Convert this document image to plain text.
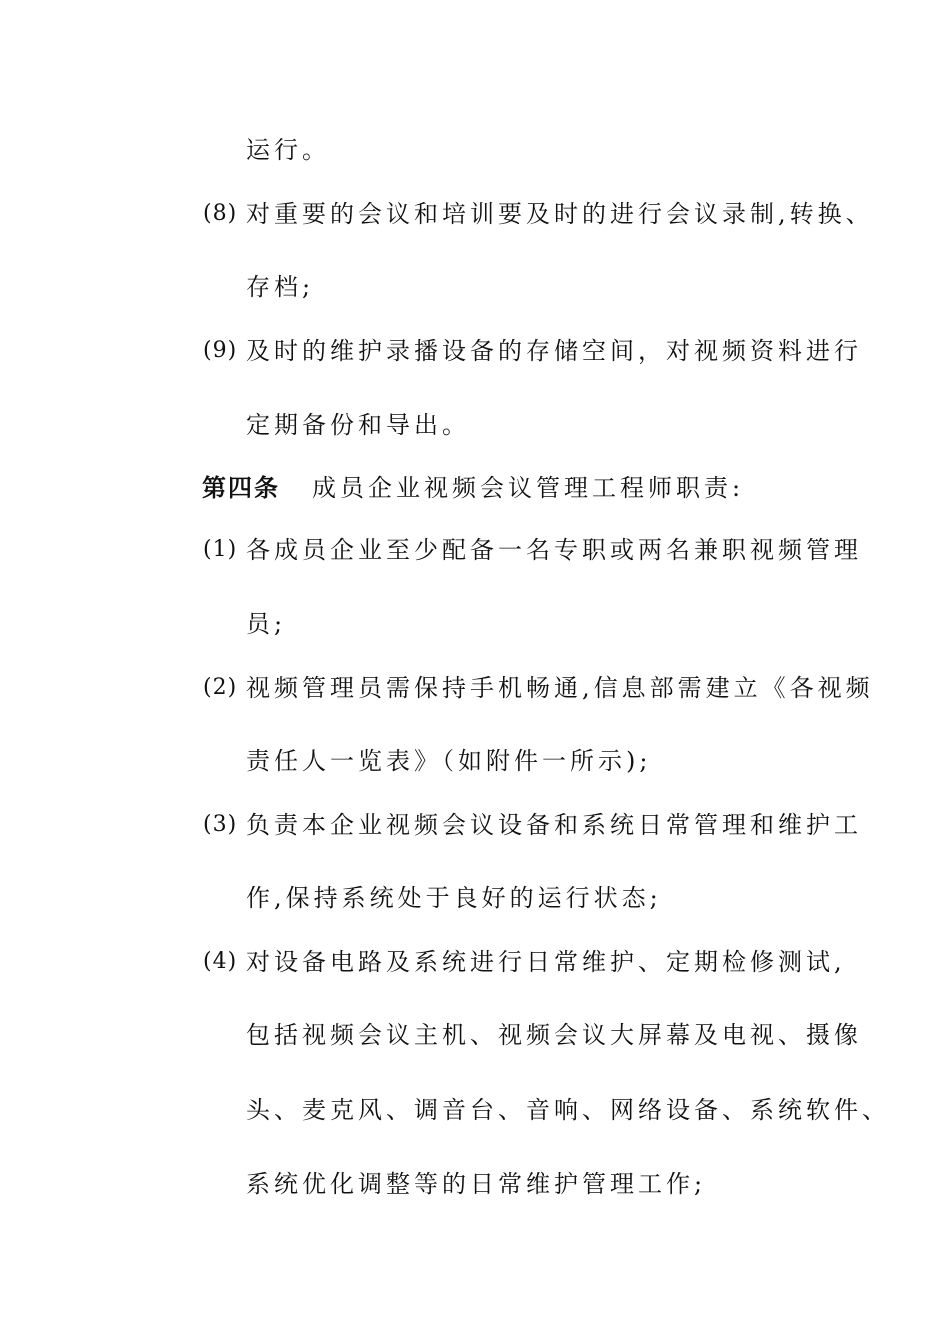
运行。
(8) 对重要的会议和培训要及时的进行会议录制,转换、
存档;
(9) 及时的维护录播设备的存储空间，对视频资料进行
定期备份和导出。
第四条 成员企业视频会议管理工程师职责:
(1) 各成员企业至少配备一名专职或两名兼职视频管理
员;
(2) 视频管理员需保持手机畅通,信息部需建立《各视频
责任人一览表》（如附件一所示);
(3) 负责本企业视频会议设备和系统日常管理和维护工
作,保持系统处于良好的运行状态;
(4) 对设备电路及系统进行日常维护、定期检修测试,
包括视频会议主机、视频会议大屏幕及电视、摄像
头、麦克风、调音台、音响、网络设备、系统软件、
系统优化调整等的日常维护管理工作;
